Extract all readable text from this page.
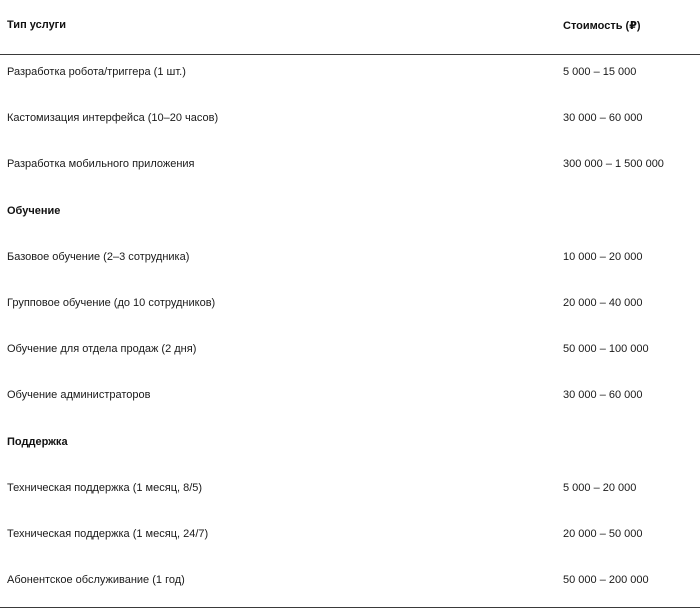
Тип услуги	Стоимость (₽)
Разработка робота/триггера (1 шт.)	5 000 – 15 000
Кастомизация интерфейса (10–20 часов)	30 000 – 60 000
Разработка мобильного приложения	300 000 – 1 500 000
Обучение
Базовое обучение (2–3 сотрудника)	10 000 – 20 000
Групповое обучение (до 10 сотрудников)	20 000 – 40 000
Обучение для отдела продаж (2 дня)	50 000 – 100 000
Обучение администраторов	30 000 – 60 000
Поддержка
Техническая поддержка (1 месяц, 8/5)	5 000 – 20 000
Техническая поддержка (1 месяц, 24/7)	20 000 – 50 000
Абонентское обслуживание (1 год)	50 000 – 200 000
